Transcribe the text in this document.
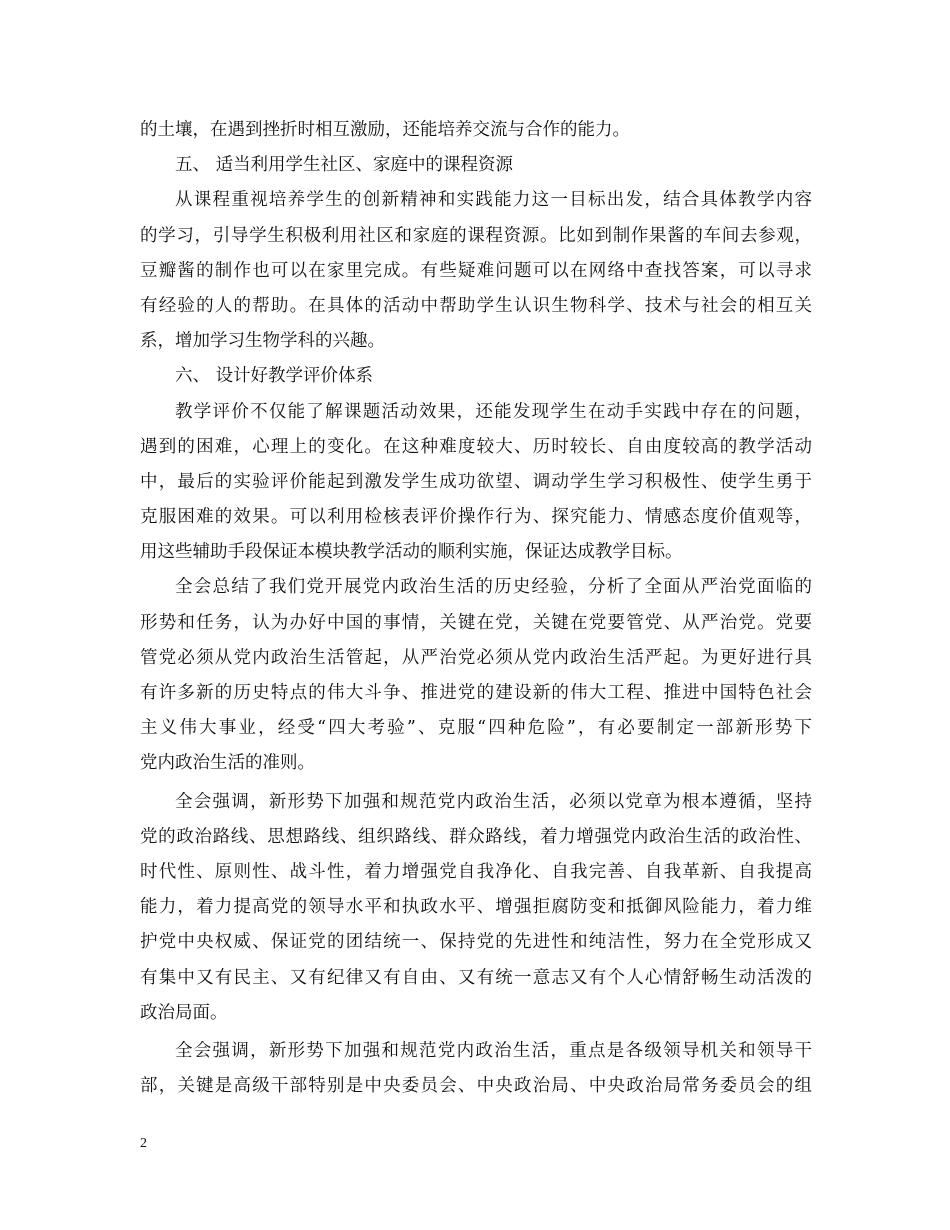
的土壤，在遇到挫折时相互激励，还能培养交流与合作的能力。
五、 适当利用学生社区、家庭中的课程资源
从课程重视培养学生的创新精神和实践能力这一目标出发，结合具体教学内容
的学习，引导学生积极利用社区和家庭的课程资源。比如到制作果酱的车间去参观，
豆瓣酱的制作也可以在家里完成。有些疑难问题可以在网络中查找答案，可以寻求
有经验的人的帮助。在具体的活动中帮助学生认识生物科学、技术与社会的相互关
系，增加学习生物学科的兴趣。
六、 设计好教学评价体系
教学评价不仅能了解课题活动效果，还能发现学生在动手实践中存在的问题，
遇到的困难，心理上的变化。在这种难度较大、历时较长、自由度较高的教学活动
中，最后的实验评价能起到激发学生成功欲望、调动学生学习积极性、使学生勇于
克服困难的效果。可以利用检核表评价操作行为、探究能力、情感态度价值观等，
用这些辅助手段保证本模块教学活动的顺利实施，保证达成教学目标。
全会总结了我们党开展党内政治生活的历史经验，分析了全面从严治党面临的
形势和任务，认为办好中国的事情，关键在党，关键在党要管党、从严治党。党要
管党必须从党内政治生活管起，从严治党必须从党内政治生活严起。为更好进行具
有许多新的历史特点的伟大斗争、推进党的建设新的伟大工程、推进中国特色社会
主义伟大事业，经受“四大考验”、克服“四种危险”，有必要制定一部新形势下
党内政治生活的准则。
全会强调，新形势下加强和规范党内政治生活，必须以党章为根本遵循，坚持
党的政治路线、思想路线、组织路线、群众路线，着力增强党内政治生活的政治性、
时代性、原则性、战斗性，着力增强党自我净化、自我完善、自我革新、自我提高
能力，着力提高党的领导水平和执政水平、增强拒腐防变和抵御风险能力，着力维
护党中央权威、保证党的团结统一、保持党的先进性和纯洁性，努力在全党形成又
有集中又有民主、又有纪律又有自由、又有统一意志又有个人心情舒畅生动活泼的
政治局面。
全会强调，新形势下加强和规范党内政治生活，重点是各级领导机关和领导干
部，关键是高级干部特别是中央委员会、中央政治局、中央政治局常务委员会的组
2
